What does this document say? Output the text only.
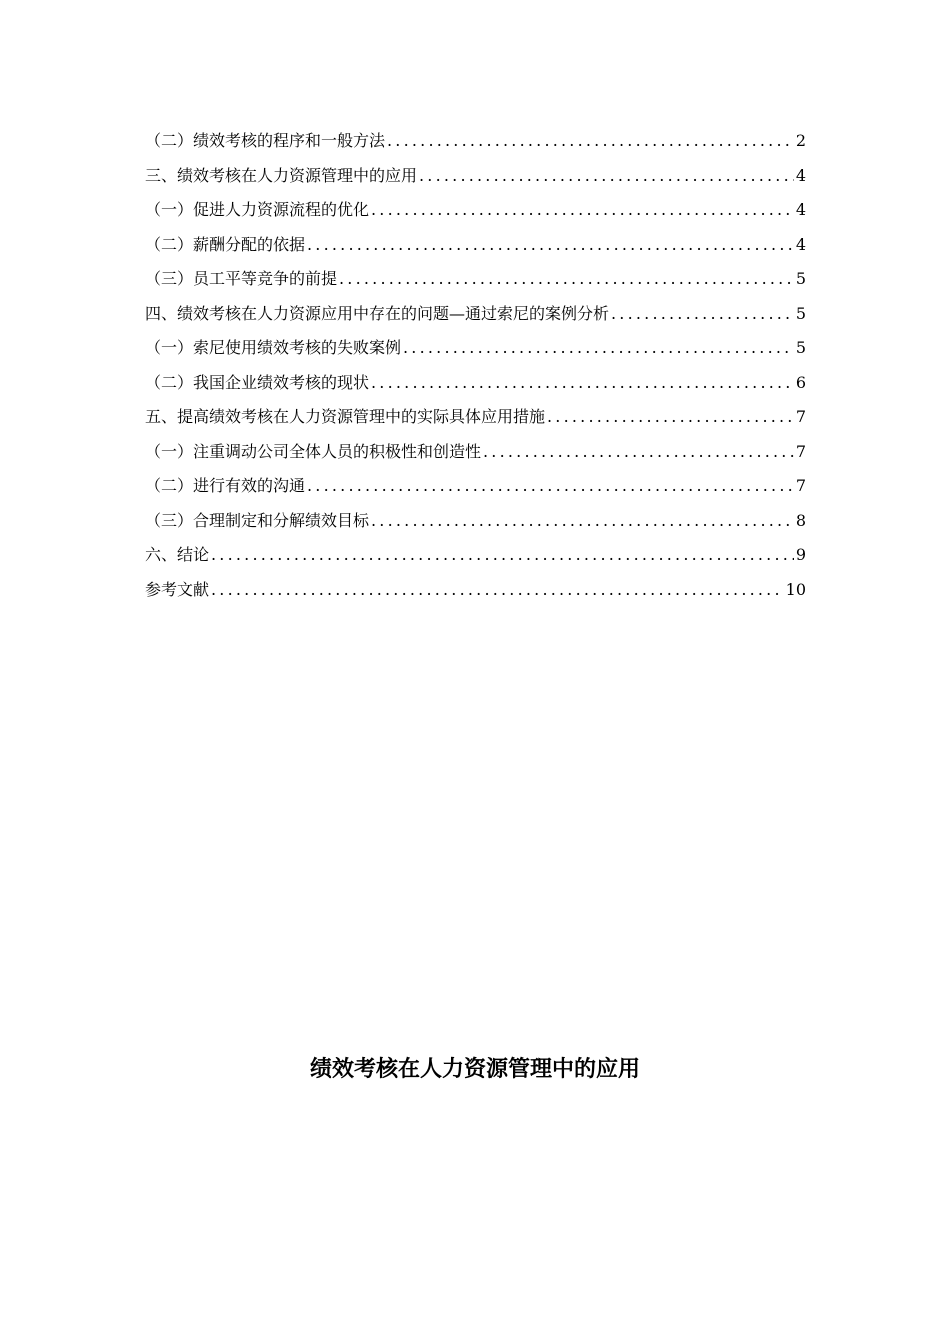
（二）绩效考核的程序和一般方法 .....	2
三、绩效考核在人力资源管理中的应用 .....	4
（一）促进人力资源流程的优化 .....	4
（二）薪酬分配的依据 .....	4
（三）员工平等竞争的前提 .....	5
四、绩效考核在人力资源应用中存在的问题—通过索尼的案例分析 .....	5
（一）索尼使用绩效考核的失败案例 .....	5
（二）我国企业绩效考核的现状 .....	6
五、提高绩效考核在人力资源管理中的实际具体应用措施 .....	7
（一）注重调动公司全体人员的积极性和创造性 .....	7
（二）进行有效的沟通 .....	7
（三）合理制定和分解绩效目标 .....	8
六、结论 .....	9
参考文献 .....	10
绩效考核在人力资源管理中的应用
